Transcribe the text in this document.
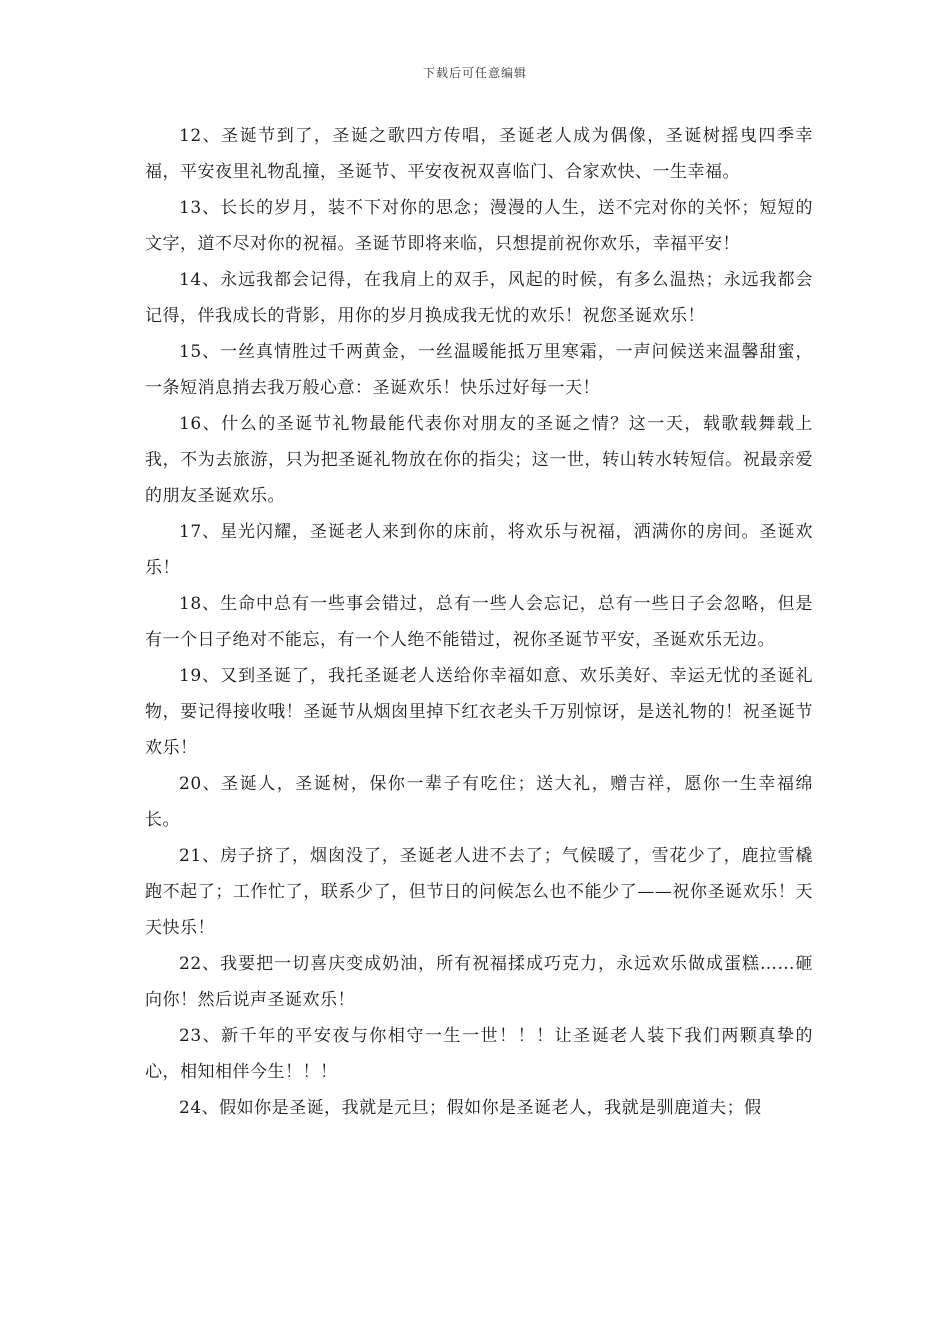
下载后可任意编辑

12、圣诞节到了，圣诞之歌四方传唱，圣诞老人成为偶像，圣诞树摇曳四季幸福，平安夜里礼物乱撞，圣诞节、平安夜祝双喜临门、合家欢快、一生幸福。

13、长长的岁月，装不下对你的思念；漫漫的人生，送不完对你的关怀；短短的文字，道不尽对你的祝福。圣诞节即将来临，只想提前祝你欢乐，幸福平安！

14、永远我都会记得，在我肩上的双手，风起的时候，有多么温热；永远我都会记得，伴我成长的背影，用你的岁月换成我无忧的欢乐！祝您圣诞欢乐！

15、一丝真情胜过千两黄金，一丝温暖能抵万里寒霜，一声问候送来温馨甜蜜，一条短消息捎去我万般心意：圣诞欢乐！快乐过好每一天！

16、什么的圣诞节礼物最能代表你对朋友的圣诞之情？这一天，载歌载舞载上我，不为去旅游，只为把圣诞礼物放在你的指尖；这一世，转山转水转短信。祝最亲爱的朋友圣诞欢乐。

17、星光闪耀，圣诞老人来到你的床前，将欢乐与祝福，洒满你的房间。圣诞欢乐！

18、生命中总有一些事会错过，总有一些人会忘记，总有一些日子会忽略，但是有一个日子绝对不能忘，有一个人绝不能错过，祝你圣诞节平安，圣诞欢乐无边。

19、又到圣诞了，我托圣诞老人送给你幸福如意、欢乐美好、幸运无忧的圣诞礼物，要记得接收哦！圣诞节从烟囱里掉下红衣老头千万别惊讶，是送礼物的！祝圣诞节欢乐！

20、圣诞人，圣诞树，保你一辈子有吃住；送大礼，赠吉祥，愿你一生幸福绵长。

21、房子挤了，烟囱没了，圣诞老人进不去了；气候暖了，雪花少了，鹿拉雪橇跑不起了；工作忙了，联系少了，但节日的问候怎么也不能少了——祝你圣诞欢乐！天天快乐！

22、我要把一切喜庆变成奶油，所有祝福揉成巧克力，永远欢乐做成蛋糕……砸向你！然后说声圣诞欢乐！

23、新千年的平安夜与你相守一生一世！！！让圣诞老人装下我们两颗真挚的心，相知相伴今生！！！

24、假如你是圣诞，我就是元旦；假如你是圣诞老人，我就是驯鹿道夫；假
